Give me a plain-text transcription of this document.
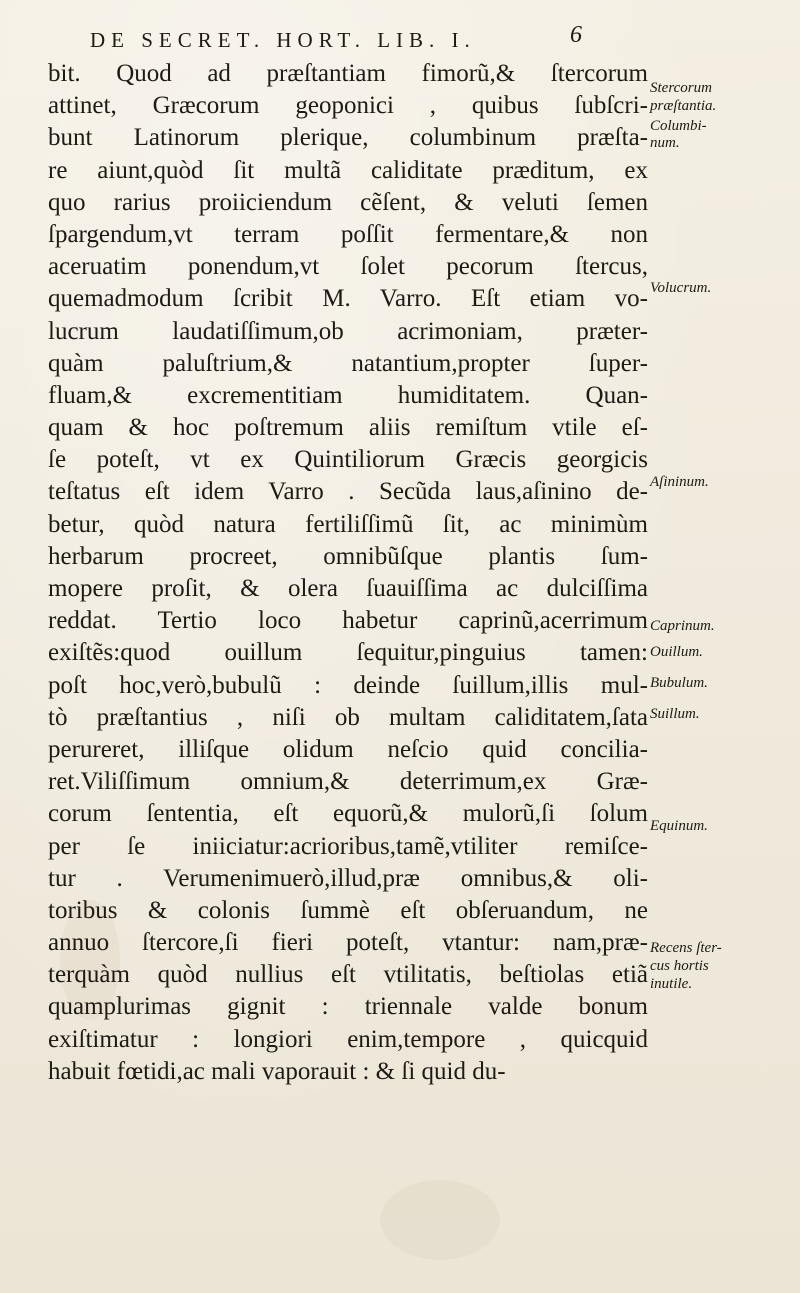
DE SECRET. HORT. LIB. I.	6
bit. Quod ad præſtantiam fimorũ,& ſtercorum
attinet, Græcorum geoponici , quibus ſubſcri-
bunt Latinorum plerique, columbinum præſta-
re aiunt,quòd ſit multã caliditate præditum, ex
quo rarius proiiciendum cẽſent, & veluti ſemen
ſpargendum,vt terram poſſit fermentare,& non
aceruatim ponendum,vt ſolet pecorum ſtercus,
quemadmodum ſcribit M. Varro. Eſt etiam vo-
lucrum laudatiſſimum,ob acrimoniam, præter-
quàm paluſtrium,& natantium,propter ſuper-
fluam,& excrementitiam humiditatem. Quan-
quam & hoc poſtremum aliis remiſtum vtile eſ-
ſe poteſt, vt ex Quintiliorum Græcis georgicis
teſtatus eſt idem Varro . Secũda laus,aſinino de-
betur, quòd natura fertiliſſimũ ſit, ac minimùm
herbarum procreet, omnibũſque plantis ſum-
mopere proſit, & olera ſuauiſſima ac dulciſſima
reddat. Tertio loco habetur caprinũ,acerrimum
exiſtẽs:quod ouillum ſequitur,pinguius tamen:
poſt hoc,verò,bubulũ : deinde ſuillum,illis mul-
tò præſtantius , niſi ob multam caliditatem,ſata
perureret, illiſque olidum neſcio quid concilia-
ret.Viliſſimum omnium,& deterrimum,ex Græ-
corum ſententia, eſt equorũ,& mulorũ,ſi ſolum
per ſe iniiciatur:acrioribus,tamẽ,vtiliter remiſce-
tur . Verumenimuerò,illud,præ omnibus,& oli-
toribus & colonis ſummè eſt obſeruandum, ne
annuo ſtercore,ſi fieri poteſt, vtantur: nam,præ-
terquàm quòd nullius eſt vtilitatis, beſtiolas etiã
quamplurimas gignit : triennale valde bonum
exiſtimatur : longiori enim,tempore , quicquid
habuit fœtidi,ac mali vaporauit : & ſi quid du-
Stercorum
præſtantia.
Columbi-
num.
Volucrum.
Aſininum.
Caprinum.
Ouillum.
Bubulum.
Suillum.
Equinum.
Recens ſter-
cus hortis
inutile.
